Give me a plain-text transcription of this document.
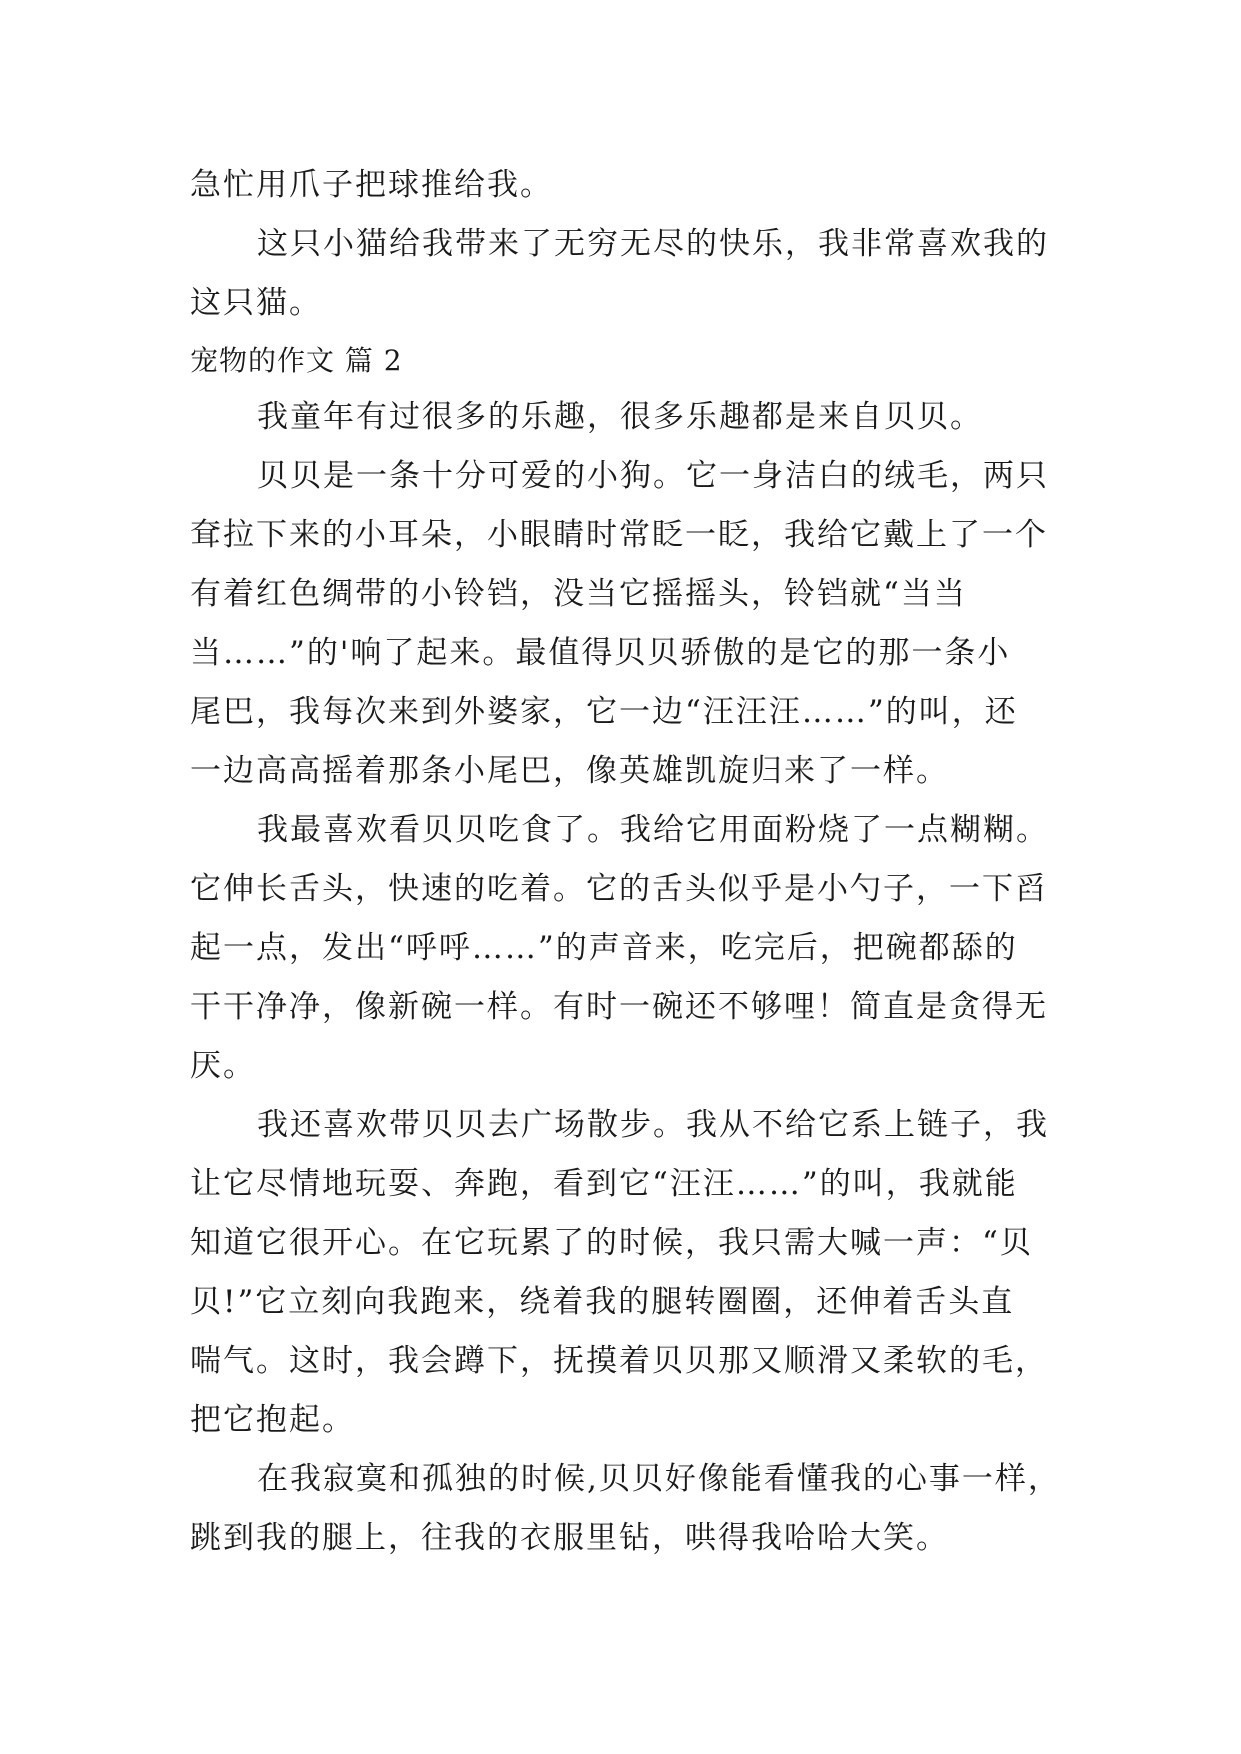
急忙用爪子把球推给我。
这只小猫给我带来了无穷无尽的快乐，我非常喜欢我的
这只猫。
宠物的作文 篇 2
我童年有过很多的乐趣，很多乐趣都是来自贝贝。
贝贝是一条十分可爱的小狗。它一身洁白的绒毛，两只
耷拉下来的小耳朵，小眼睛时常眨一眨，我给它戴上了一个
有着红色绸带的小铃铛，没当它摇摇头，铃铛就“当当
当……”的'响了起来。最值得贝贝骄傲的是它的那一条小
尾巴，我每次来到外婆家，它一边“汪汪汪……”的叫，还
一边高高摇着那条小尾巴，像英雄凯旋归来了一样。
我最喜欢看贝贝吃食了。我给它用面粉烧了一点糊糊。
它伸长舌头，快速的吃着。它的舌头似乎是小勺子，一下舀
起一点，发出“呼呼……”的声音来，吃完后，把碗都舔的
干干净净，像新碗一样。有时一碗还不够哩！简直是贪得无
厌。
我还喜欢带贝贝去广场散步。我从不给它系上链子，我
让它尽情地玩耍、奔跑，看到它“汪汪……”的叫，我就能
知道它很开心。在它玩累了的时候，我只需大喊一声：“贝
贝!”它立刻向我跑来，绕着我的腿转圈圈，还伸着舌头直
喘气。这时，我会蹲下，抚摸着贝贝那又顺滑又柔软的毛，
把它抱起。
在我寂寞和孤独的时候,贝贝好像能看懂我的心事一样，
跳到我的腿上，往我的衣服里钻，哄得我哈哈大笑。
